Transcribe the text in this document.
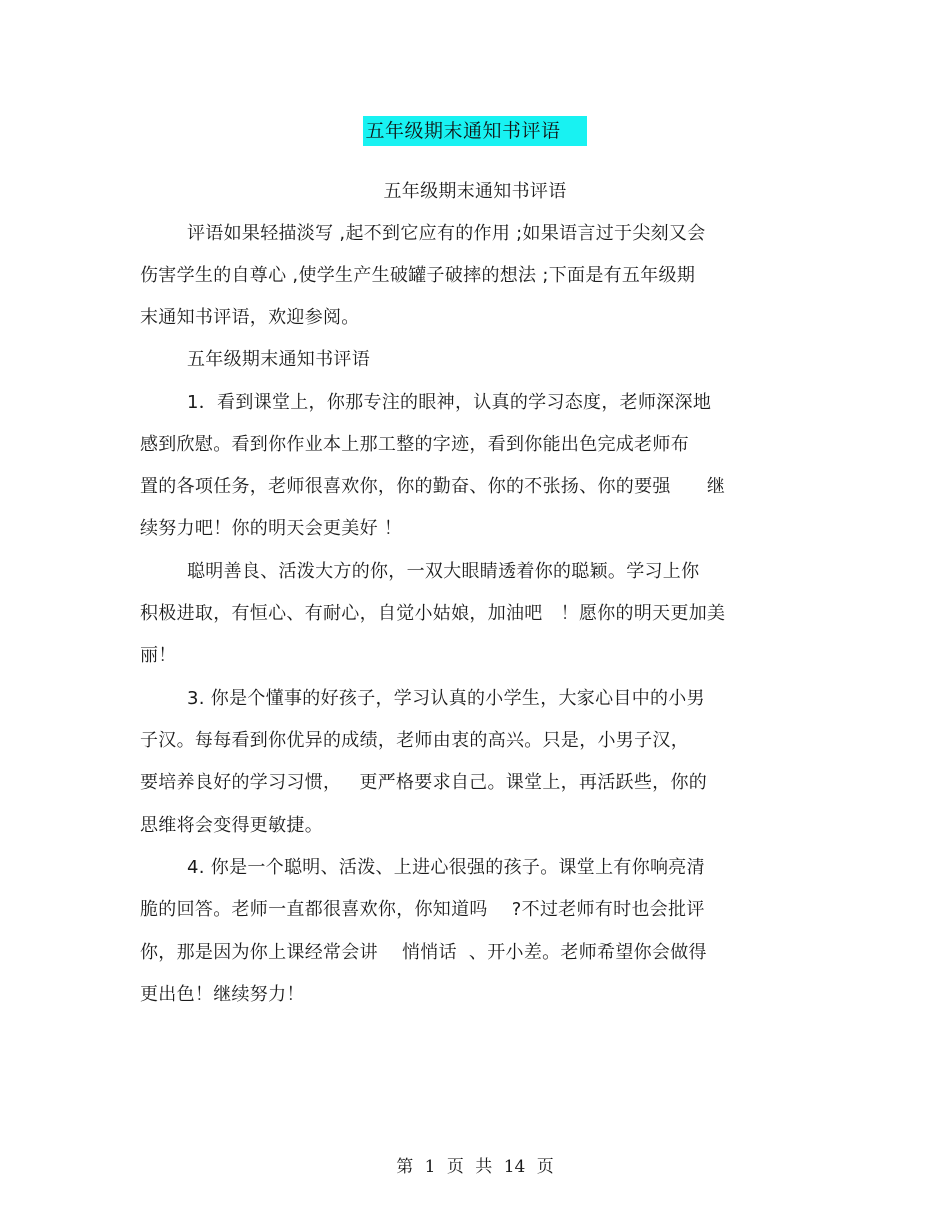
五年级期末通知书评语
五年级期末通知书评语
评语如果轻描淡写 ,起不到它应有的作用 ;如果语言过于尖刻又会
伤害学生的自尊心 ,使学生产生破罐子破摔的想法 ;下面是有五年级期
末通知书评语，欢迎参阅。
五年级期末通知书评语
1．看到课堂上，你那专注的眼神，认真的学习态度，老师深深地
感到欣慰。看到你作业本上那工整的字迹，看到你能出色完成老师布
置的各项任务，老师很喜欢你，你的勤奋、你的不张扬、你的要强      继
续努力吧！你的明天会更美好 ！
聪明善良、活泼大方的你，一双大眼睛透着你的聪颖。学习上你
积极进取，有恒心、有耐心，自觉小姑娘，加油吧   ！愿你的明天更加美
丽！
3. 你是个懂事的好孩子，学习认真的小学生，大家心目中的小男
子汉。每每看到你优异的成绩，老师由衷的高兴。只是，小男子汉，
要培养良好的学习习惯，   更严格要求自己。课堂上，再活跃些，你的
思维将会变得更敏捷。
4. 你是一个聪明、活泼、上进心很强的孩子。课堂上有你响亮清
脆的回答。老师一直都很喜欢你，你知道吗    ?不过老师有时也会批评
你，那是因为你上课经常会讲    悄悄话  、开小差。老师希望你会做得
更出色！继续努力！
第 1 页 共 14 页
